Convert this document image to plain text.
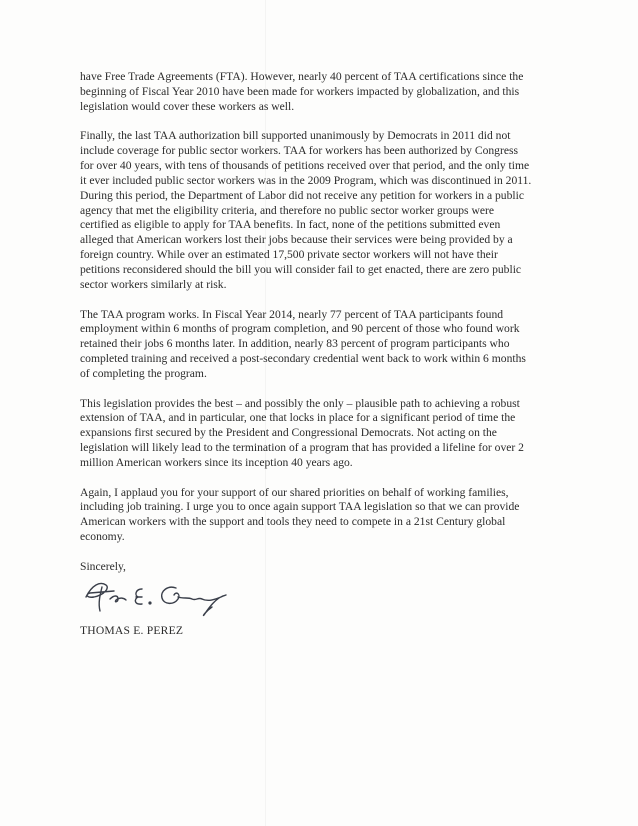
have Free Trade Agreements (FTA). However, nearly 40 percent of TAA certifications since the
beginning of Fiscal Year 2010 have been made for workers impacted by globalization, and this
legislation would cover these workers as well.

Finally, the last TAA authorization bill supported unanimously by Democrats in 2011 did not
include coverage for public sector workers. TAA for workers has been authorized by Congress
for over 40 years, with tens of thousands of petitions received over that period, and the only time
it ever included public sector workers was in the 2009 Program, which was discontinued in 2011.
During this period, the Department of Labor did not receive any petition for workers in a public
agency that met the eligibility criteria, and therefore no public sector worker groups were
certified as eligible to apply for TAA benefits. In fact, none of the petitions submitted even
alleged that American workers lost their jobs because their services were being provided by a
foreign country. While over an estimated 17,500 private sector workers will not have their
petitions reconsidered should the bill you will consider fail to get enacted, there are zero public
sector workers similarly at risk.

The TAA program works. In Fiscal Year 2014, nearly 77 percent of TAA participants found
employment within 6 months of program completion, and 90 percent of those who found work
retained their jobs 6 months later. In addition, nearly 83 percent of program participants who
completed training and received a post-secondary credential went back to work within 6 months
of completing the program.

This legislation provides the best – and possibly the only – plausible path to achieving a robust
extension of TAA, and in particular, one that locks in place for a significant period of time the
expansions first secured by the President and Congressional Democrats. Not acting on the
legislation will likely lead to the termination of a program that has provided a lifeline for over 2
million American workers since its inception 40 years ago.

Again, I applaud you for your support of our shared priorities on behalf of working families,
including job training. I urge you to once again support TAA legislation so that we can provide
American workers with the support and tools they need to compete in a 21st Century global
economy.

Sincerely,

THOMAS E. PEREZ
